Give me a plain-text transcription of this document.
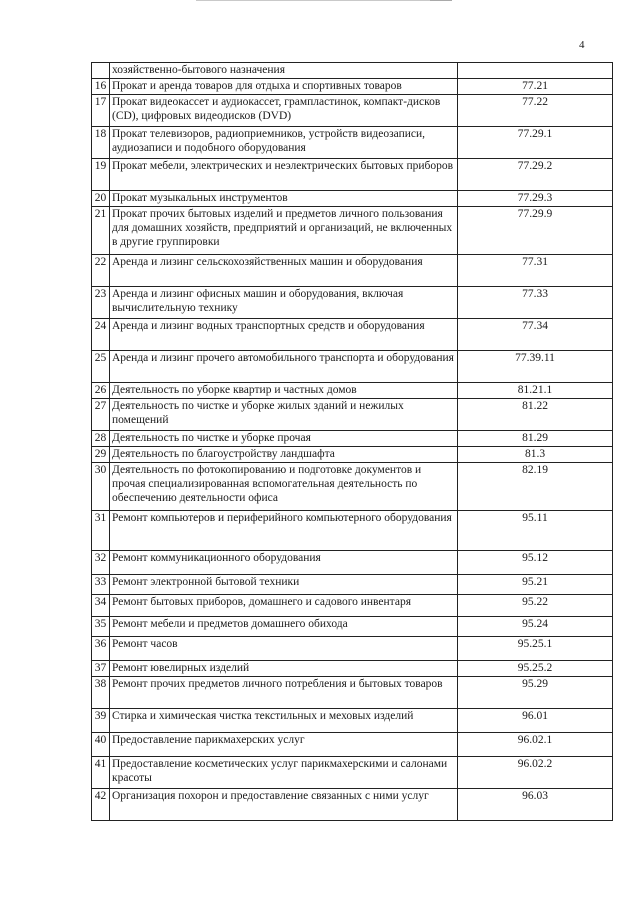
4
	хозяйственно-бытового назначения	
16	Прокат и аренда товаров для отдыха и спортивных товаров	77.21
17	Прокат видеокассет и аудиокассет, грампластинок, компакт-дисков (CD), цифровых видеодисков (DVD)	77.22
18	Прокат телевизоров, радиоприемников, устройств видеозаписи, аудиозаписи и подобного оборудования	77.29.1
19	Прокат мебели, электрических и неэлектрических бытовых приборов	77.29.2
20	Прокат музыкальных инструментов	77.29.3
21	Прокат прочих бытовых изделий и предметов личного пользования для домашних хозяйств, предприятий и организаций, не включенных в другие группировки	77.29.9
22	Аренда и лизинг сельскохозяйственных машин и оборудования	77.31
23	Аренда и лизинг офисных машин и оборудования, включая вычислительную технику	77.33
24	Аренда и лизинг водных транспортных средств и оборудования	77.34
25	Аренда и лизинг прочего автомобильного транспорта и оборудования	77.39.11
26	Деятельность по уборке квартир и частных домов	81.21.1
27	Деятельность по чистке и уборке жилых зданий и нежилых помещений	81.22
28	Деятельность по чистке и уборке прочая	81.29
29	Деятельность по благоустройству ландшафта	81.3
30	Деятельность по фотокопированию и подготовке документов и прочая специализированная вспомогательная деятельность по обеспечению деятельности офиса	82.19
31	Ремонт компьютеров и периферийного компьютерного оборудования	95.11
32	Ремонт коммуникационного оборудования	95.12
33	Ремонт электронной бытовой техники	95.21
34	Ремонт бытовых приборов, домашнего и садового инвентаря	95.22
35	Ремонт мебели и предметов домашнего обихода	95.24
36	Ремонт часов	95.25.1
37	Ремонт ювелирных изделий	95.25.2
38	Ремонт прочих предметов личного потребления и бытовых товаров	95.29
39	Стирка и химическая чистка текстильных и меховых изделий	96.01
40	Предоставление парикмахерских услуг	96.02.1
41	Предоставление косметических услуг парикмахерскими и салонами красоты	96.02.2
42	Организация похорон и предоставление связанных с ними услуг	96.03
